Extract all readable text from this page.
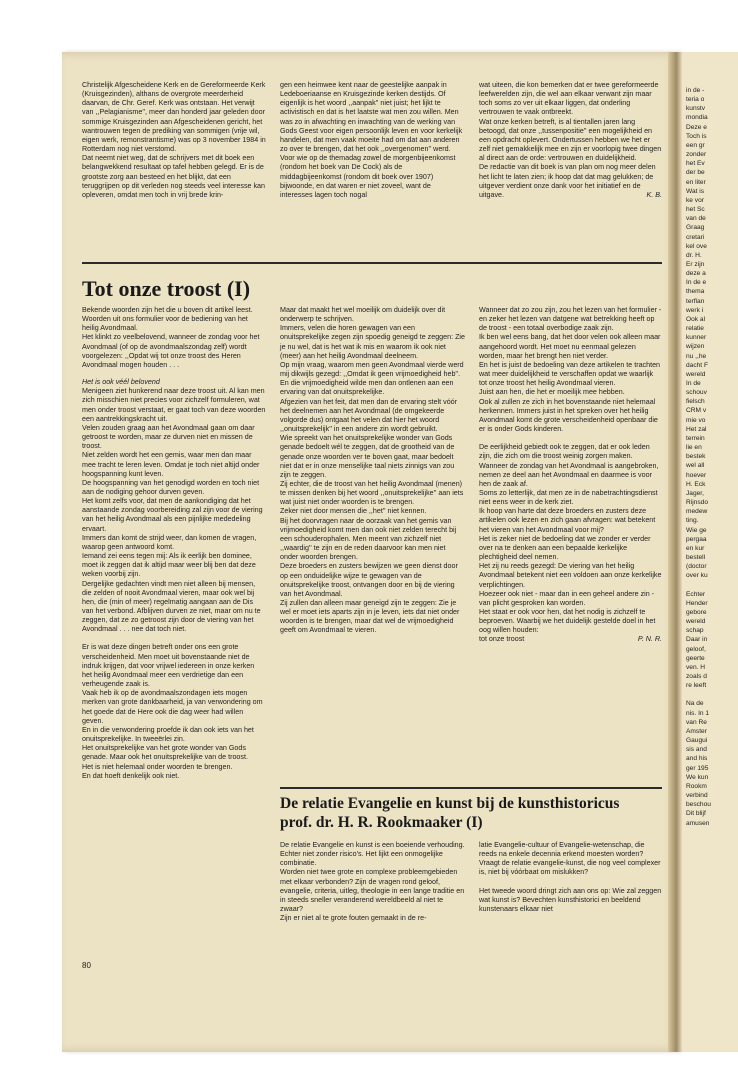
in de -

teria o

kunstv

mondia

Deze e

Toch is

een gr

zonder

het Ev

der be

en liter

Wat is

ke vor

het Sc

van de

Graag

cretari

kel ove

dr. H.

Er zijn

deze a

In de e

thema

terflan

werk i

Ook al

relatie

kunner

wijzen

nu ,,he

dacht F

wereld

In de

schouv

fielsch

CRM v

mie vo

Het zal

terrein

lie en

bestek

wel all

hoever

H. Eck

Jager,

Rijnsdo

medew

ting.

Wie ge

pergaa

en kur

bestell

(doctor

over ku

Echter

Hender

gebore

wereld

schap

Daar in

geloof,

geerte

ven. H

zoals d

re leeft

Na de

nis. In 1

van Re

Amster

Gaugui

sis and

and his

ger 195

We kun

Rookm

verbind

beschou

Dit blijf

amusen

Christelijk Afgescheidene Kerk en de Gereformeerde Kerk (Kruisgezinden), althans de overgrote meerderheid daarvan, de Chr. Geref. Kerk was ontstaan. Het verwijt van ,,Pelagianisme'', meer dan honderd jaar geleden door sommige Kruisgezinden aan Afgescheidenen gericht, het wantrouwen tegen de prediking van sommigen (vrije wil, eigen werk, remonstrantisme) was op 3 november 1984 in Rotterdam nog niet verstomd.

Dat neemt niet weg, dat de schrijvers met dit boek een belangwekkend resultaat op tafel hebben gelegd. Er is de grootste zorg aan besteed en het blijkt, dat een teruggrijpen op dit verleden nog steeds veel interesse kan opleveren, omdat men toch in vrij brede krin-

gen een heimwee kent naar de geestelijke aanpak in Ledeboeriaanse en Kruisgezinde kerken destijds. Of eigenlijk is het woord ,,aanpak'' niet juist; het lijkt te activistisch en dat is het laatste wat men zou willen. Men was zo in afwachting en inwachting van de werking van Gods Geest voor eigen persoonlijk leven en voor kerkelijk handelen, dat men vaak moeite had om dat aan anderen zo over te brengen, dat het ook ,,overgenomen'' werd.

Voor wie op de themadag zowel de morgenbijeenkomst (rondom het boek van De Cock) als de middagbijeenkomst (rondom dit boek over 1907) bijwoonde, en dat waren er niet zoveel, want de interesses lagen toch nogal

wat uiteen, die kon bemerken dat er twee gereformeerde leefwerelden zijn, die wel aan elkaar verwant zijn maar toch soms zo ver uit elkaar liggen, dat onderling vertrouwen te vaak ontbreekt.

Wat onze kerken betreft, is al tientallen jaren lang betoogd, dat onze ,,tussenpositie'' een mogelijkheid en een opdracht oplevert. Ondertussen hebben we het er zelf niet gemakkelijk mee en zijn er voorlopig twee dingen al direct aan de orde: vertrouwen en duidelijkheid.

De redactie van dit boek is van plan om nog meer delen het licht te laten zien; ik hoop dat dat mag gelukken; de uitgever verdient onze dank voor het initiatief en de uitgave.	K. B.

Tot onze troost (I)

Bekende woorden zijn het die u boven dit artikel leest. Woorden uit ons formulier voor de bediening van het heilig Avondmaal.

Het klinkt zo veelbelovend, wanneer de zondag voor het Avondmaal (of op de avondmaalszondag zelf) wordt voorgelezen: ,,Opdat wij tot onze troost des Heren Avondmaal mogen houden . . .

Het is ook véél belovend

Menigeen ziet hunkerend naar deze troost uit. Al kan men zich misschien niet precies voor zichzelf formuleren, wat men onder troost verstaat, er gaat toch van deze woorden een aantrekkingskracht uit.

Velen zouden graag aan het Avondmaal gaan om daar getroost te worden, maar ze durven niet en missen de troost.

Niet zelden wordt het een gemis, waar men dan maar mee tracht te leren leven. Omdat je toch niet altijd onder hoogspanning kunt leven.

De hoogspanning van het genodigd worden en toch niet aan de nodiging gehoor durven geven.

Het komt zelfs voor, dat men de aankondiging dat het aanstaande zondag voorbereiding zal zijn voor de viering van het heilig Avondmaal als een pijnlijke mededeling ervaart.

Immers dan komt de strijd weer, dan komen de vragen, waarop geen antwoord komt.

Iemand zei eens tegen mij: Als ik eerlijk ben dominee, moet ik zeggen dat ik altijd maar weer blij ben dat deze weken voorbij zijn.

Dergelijke gedachten vindt men niet alleen bij mensen, die zelden of nooit Avondmaal vieren, maar ook wel bij hen, die (min of meer) regelmatig aangaan aan de Dis van het verbond. Afblijven durven ze niet, maar om nu te zeggen, dat ze zo getroost zijn door de viering van het Avondmaal . . . nee dat toch niet.

Er is wat deze dingen betreft onder ons een grote verscheidenheid. Men moet uit bovenstaande niet de indruk krijgen, dat voor vrijwel iedereen in onze kerken het heilig Avondmaal meer een verdrietige dan een verheugende zaak is.

Vaak heb ik op de avondmaalszondagen iets mogen merken van grote dankbaarheid, ja van verwondering om het goede dat de Here ook die dag weer had willen geven.

En in die verwondering proefde ik dan ook iets van het onuitsprekelijke. In tweeërlei zin.

Het onuitsprekelijke van het grote wonder van Gods genade. Maar ook het onuitsprekelijke van de troost.

Het is niet helemaal onder woorden te brengen.

En dat hoeft denkelijk ook niet.

Maar dat maakt het wel moeilijk om duidelijk over dit onderwerp te schrijven.

Immers, velen die horen gewagen van een onuitsprekelijke zegen zijn spoedig geneigd te zeggen: Zie je nu wel, dat is het wat ik mis en waarom ik ook niet (meer) aan het heilig Avondmaal deelneem.

Op mijn vraag, waarom men geen Avondmaal vierde werd mij dikwijls gezegd: ,,Omdat ik geen vrijmoedigheid heb''.

En die vrijmoedigheid wilde men dan ontlenen aan een ervaring van dat onuitsprekelijke.

Afgezien van het feit, dat men dan de ervaring stelt vóór het deelnemen aan het Avondmaal (de omgekeerde volgorde dus) ontgaat het velen dat hier het woord ,,onuitsprekelijk'' in een andere zin wordt gebruikt.

Wie spreekt van het onuitsprekelijke wonder van Gods genade bedoelt wél te zeggen, dat de grootheid van de genade onze woorden ver te boven gaat, maar bedoelt niet dat er in onze menselijke taal niets zinnigs van zou zijn te zeggen.

Zij echter, die de troost van het heilig Avondmaal (menen) te missen denken bij het woord ,,onuitsprekelijke'' aan iets wat juist niet onder woorden is te brengen.

Zeker niet door mensen die ,,het'' niet kennen.

Bij het doorvragen naar de oorzaak van het gemis van vrijmoedigheid komt men dan ook niet zelden terecht bij een schouderophalen. Men meent van zichzelf niet ,,waardig'' te zijn en de reden daarvoor kan men niet onder woorden brengen.

Deze broeders en zusters bewijzen we geen dienst door op een onduidelijke wijze te gewagen van de onuitsprekelijke troost, ontvangen door en bij de viering van het Avondmaal.

Zij zullen dan alleen maar geneigd zijn te zeggen: Zie je wel er moet iets aparts zijn in je leven, iets dat niet onder woorden is te brengen, maar dat wel de vrijmoedigheid geeft om Avondmaal te vieren.

Wanneer dat zo zou zijn, zou het lezen van het formulier - en zeker het lezen van datgene wat betrekking heeft op de troost - een totaal overbodige zaak zijn.

Ik ben wel eens bang, dat het door velen ook alleen maar aangehoord wordt. Het moet nu eenmaal gelezen worden, maar het brengt hen niet verder.

En het is juist de bedoeling van deze artikelen te trachten wat meer duidelijkheid te verschaffen opdat we waarlijk tot onze troost het heilig Avondmaal vieren.

Juist aan hen, die het er moeilijk mee hebben.

Ook al zullen ze zich in het bovenstaande niet helemaal herkennen. Immers juist in het spreken over het heilig Avondmaal komt de grote verscheidenheid openbaar die er is onder Gods kinderen.

De eerlijkheid gebiedt ook te zeggen, dat er ook leden zijn, die zich om die troost weinig zorgen maken.

Wanneer de zondag van het Avondmaal is aangebroken, nemen ze deel aan het Avondmaal en daarmee is voor hen de zaak af.

Soms zo letterlijk, dat men ze in de nabetrachtingsdienst niet eens weer in de kerk ziet.

Ik hoop van harte dat deze broeders en zusters deze artikelen ook lezen en zich gaan afvragen: wat betekent het vieren van het Avondmaal voor mij?

Het is zeker niet de bedoeling dat we zonder er verder over na te denken aan een bepaalde kerkelijke plechtigheid deel nemen.

Het zij nu reeds gezegd: De viering van het heilig Avondmaal betekent niet een voldoen aan onze kerkelijke verplichtingen.

Hoezeer ook niet - maar dan in een geheel andere zin - van plicht gesproken kan worden.

Het staat er ook voor hen, dat het nodig is zichzelf te beproeven. Waarbij we het duidelijk gestelde doel in het oog willen houden:

tot onze troost	P. N. R.
De relatie Evangelie en kunst bij de kunsthistoricus
prof. dr. H. R. Rookmaaker (I)

De relatie Evangelie en kunst is een boeiende verhouding. Echter niet zonder risico's. Het lijkt een onmogelijke combinatie.

Worden niet twee grote en complexe probleemgebieden met elkaar verbonden? Zijn de vragen rond geloof, evangelie, criteria, uitleg, theologie in een lange traditie en in steeds sneller veranderend wereldbeeld al niet te zwaar?

Zijn er niet al te grote fouten gemaakt in de re-

latie Evangelie-cultuur of Evangelie-wetenschap, die reeds na enkele decennia erkend moesten worden?

Vraagt de relatie evangelie-kunst, die nog veel complexer is, niet bij vóórbaat om mislukken?

Het tweede woord dringt zich aan ons op: Wie zal zeggen wat kunst is? Bevechten kunsthistorici en beeldend kunstenaars elkaar niet

80
